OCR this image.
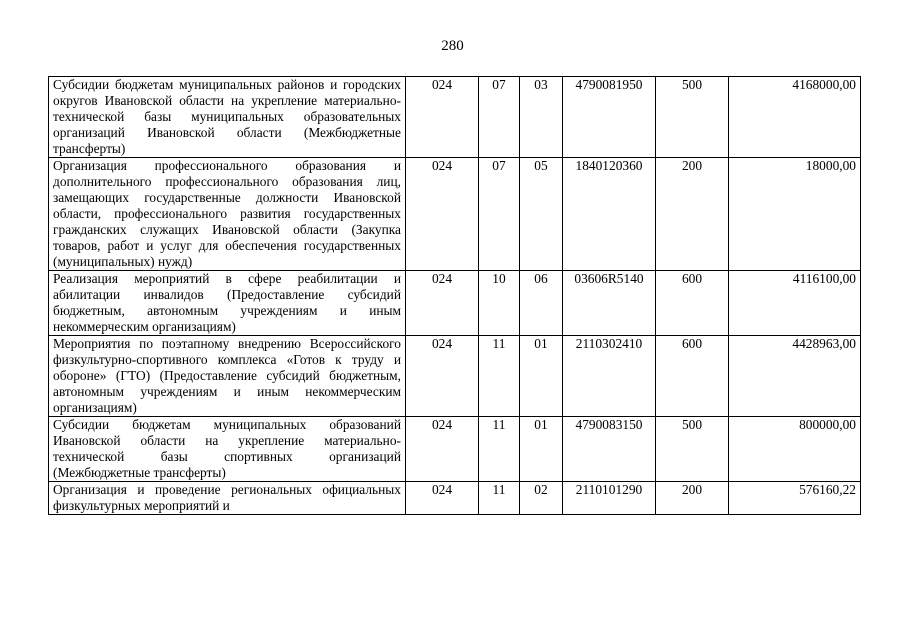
280
Субсидии бюджетам муниципальных районов и городских округов Ивановской области на укрепление материально-технической базы муниципальных образовательных организаций Ивановской области (Межбюджетные трансферты)	024	07	03	4790081950	500	4168000,00
Организация профессионального образования и дополнительного профессионального образования лиц, замещающих государственные должности Ивановской области, профессионального развития государственных гражданских служащих Ивановской области (Закупка товаров, работ и услуг для обеспечения государственных (муниципальных) нужд)	024	07	05	1840120360	200	18000,00
Реализация мероприятий в сфере реабилитации и абилитации инвалидов (Предоставление субсидий бюджетным, автономным учреждениям и иным некоммерческим организациям)	024	10	06	03606R5140	600	4116100,00
Мероприятия по поэтапному внедрению Всероссийского физкультурно-спортивного комплекса «Готов к труду и обороне» (ГТО) (Предоставление субсидий бюджетным, автономным учреждениям и иным некоммерческим организациям)	024	11	01	2110302410	600	4428963,00
Субсидии бюджетам муниципальных образований Ивановской области на укрепление материально-технической базы спортивных организаций (Межбюджетные трансферты)	024	11	01	4790083150	500	800000,00
Организация и проведение региональных официальных физкультурных мероприятий и	024	11	02	2110101290	200	576160,22
